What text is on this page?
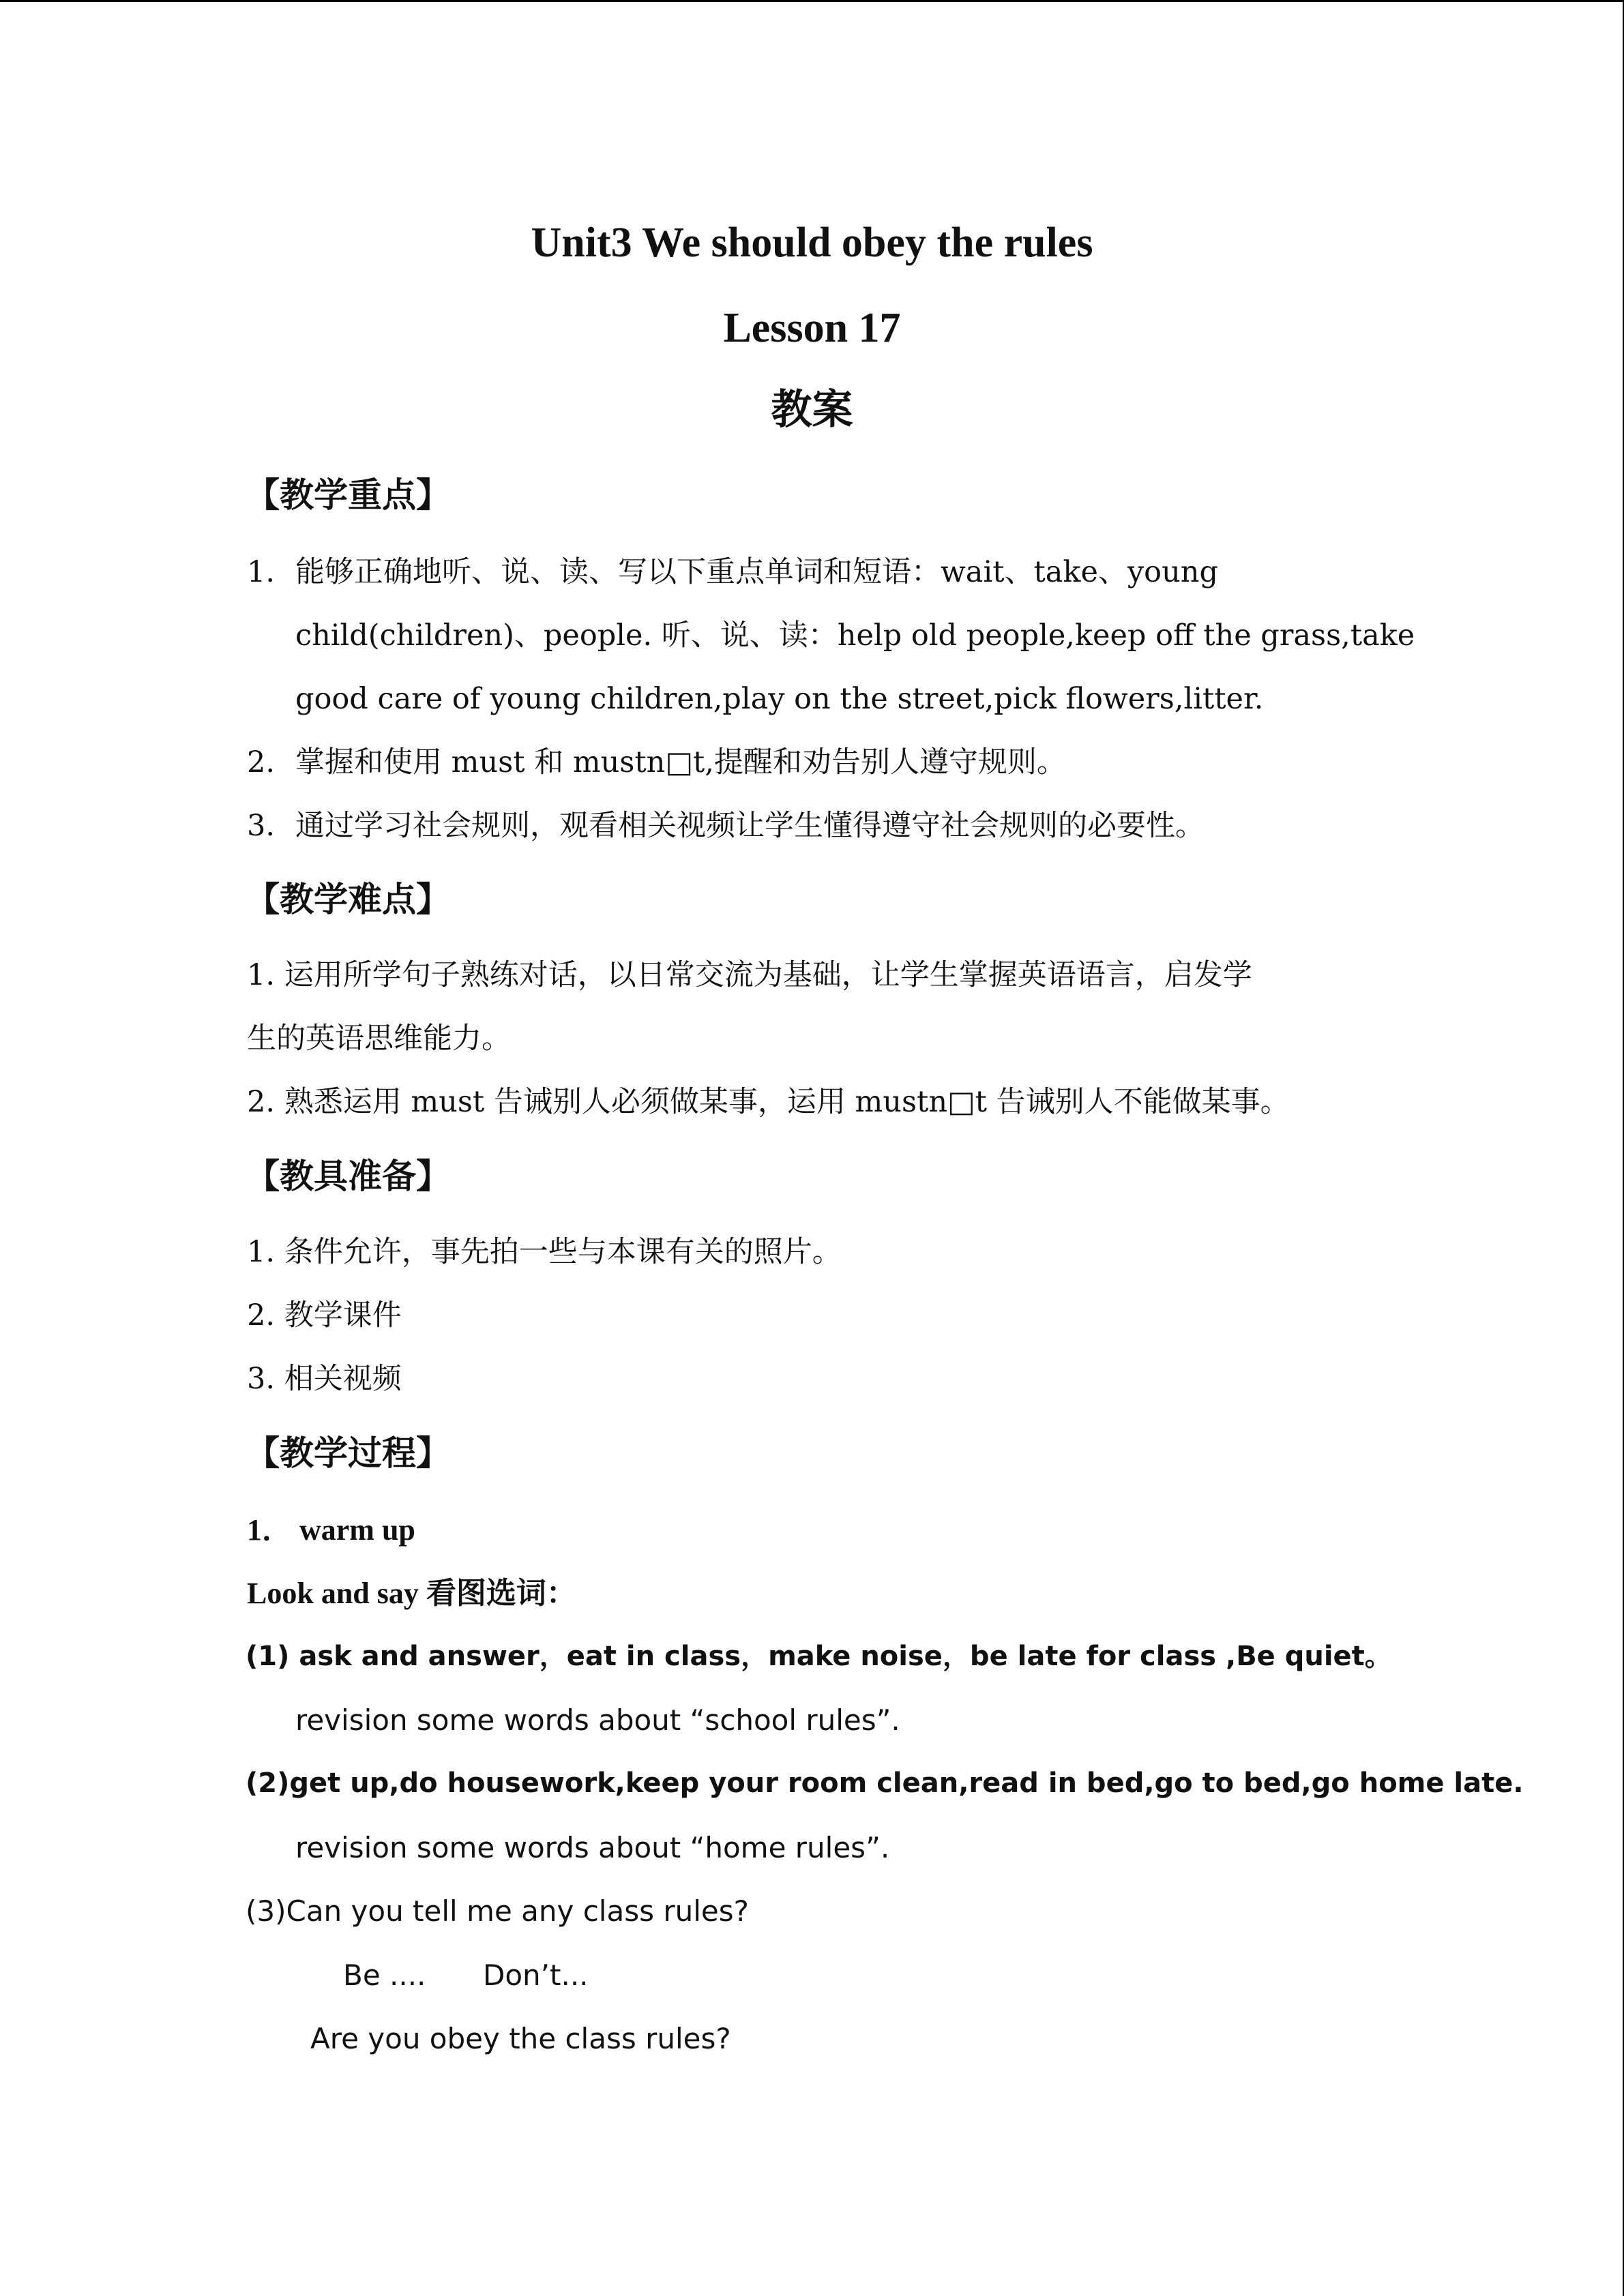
Unit3 We should obey the rules
Lesson 17
教案
【教学重点】
1. 能够正确地听、说、读、写以下重点单词和短语：wait、take、young
child(children)、people. 听、说、读：help old people,keep off the grass,take
good care of young children,play on the street,pick flowers,litter.
2. 掌握和使用 must 和 mustn□t,提醒和劝告别人遵守规则。
3. 通过学习社会规则，观看相关视频让学生懂得遵守社会规则的必要性。
【教学难点】
1. 运用所学句子熟练对话，以日常交流为基础，让学生掌握英语语言，启发学
生的英语思维能力。
2. 熟悉运用 must 告诫别人必须做某事，运用 mustn□t 告诫别人不能做某事。
【教具准备】
1. 条件允许，事先拍一些与本课有关的照片。
2. 教学课件
3. 相关视频
【教学过程】
1． warm up
Look and say 看图选词：
(1) ask and answer，eat in class，make noise，be late for class ,Be quiet。
revision some words about “school rules”.
(2)get up,do housework,keep your room clean,read in bed,go to bed,go home late.
revision some words about “home rules”.
(3)Can you tell me any class rules?
Be .... Don’t...
Are you obey the class rules?
